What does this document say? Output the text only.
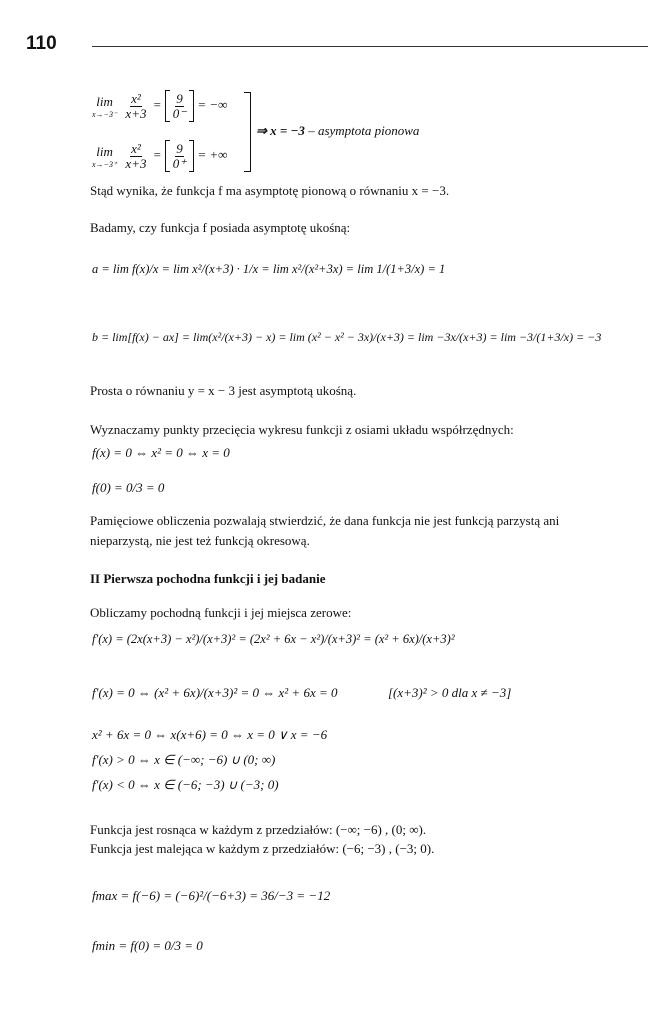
110
lim
x→−3⁻
$\frac{\text{x²}}{x+3} = \frac{9}{0^-}$ = −∞
lim
x→−3⁺
$\frac{\text{x²}}{x+3} = \frac{9}{0^+}$ = +∞
⇒ x = −3 – asymptota pionowa
Stąd wynika, że funkcja f ma asymptotę pionową o równaniu x = −3.
Badamy, czy funkcja f posiada asymptotę ukośną:
a = lim f(x)/x = lim x²/(x+3) · 1/x = lim x²/(x²+3x) = lim 1/(1+3/x) = 1
b = lim[f(x) − ax] = lim(x²/(x+3) − x) = lim (x² − x² − 3x)/(x+3) = lim −3x/(x+3) = lim −3/(1+3/x) = −3
Prosta o równaniu y = x − 3 jest asymptotą ukośną.
Wyznaczamy punkty przecięcia wykresu funkcji z osiami układu współrzędnych:
f(x) = 0 ⇔ x² = 0 ⇔ x = 0
f(0) = 0/3 = 0
Pamięciowe obliczenia pozwalają stwierdzić, że dana funkcja nie jest funkcją parzystą ani
nieparzystą, nie jest też funkcją okresową.
II Pierwsza pochodna funkcji i jej badanie
Obliczamy pochodną funkcji i jej miejsca zerowe:
f′(x) = (2x(x+3) − x²)/(x+3)² = (2x² + 6x − x²)/(x+3)² = (x² + 6x)/(x+3)²
f′(x) = 0 ⇔ (x² + 6x)/(x+3)² = 0 ⇔ x² + 6x = 0	[(x+3)² > 0 dla x ≠ −3]
x² + 6x = 0 ⇔ x(x+6) = 0 ⇔ x = 0 ∨ x = −6
f′(x) > 0 ⇔ x ∈ (−∞; −6) ∪ (0; ∞)
f′(x) < 0 ⇔ x ∈ (−6; −3) ∪ (−3; 0)
Funkcja jest rosnąca w każdym z przedziałów: (−∞; −6) , (0; ∞).
Funkcja jest malejąca w każdym z przedziałów: (−6; −3) , (−3; 0).
fmax = f(−6) = (−6)²/(−6+3) = 36/−3 = −12
fmin = f(0) = 0/3 = 0
